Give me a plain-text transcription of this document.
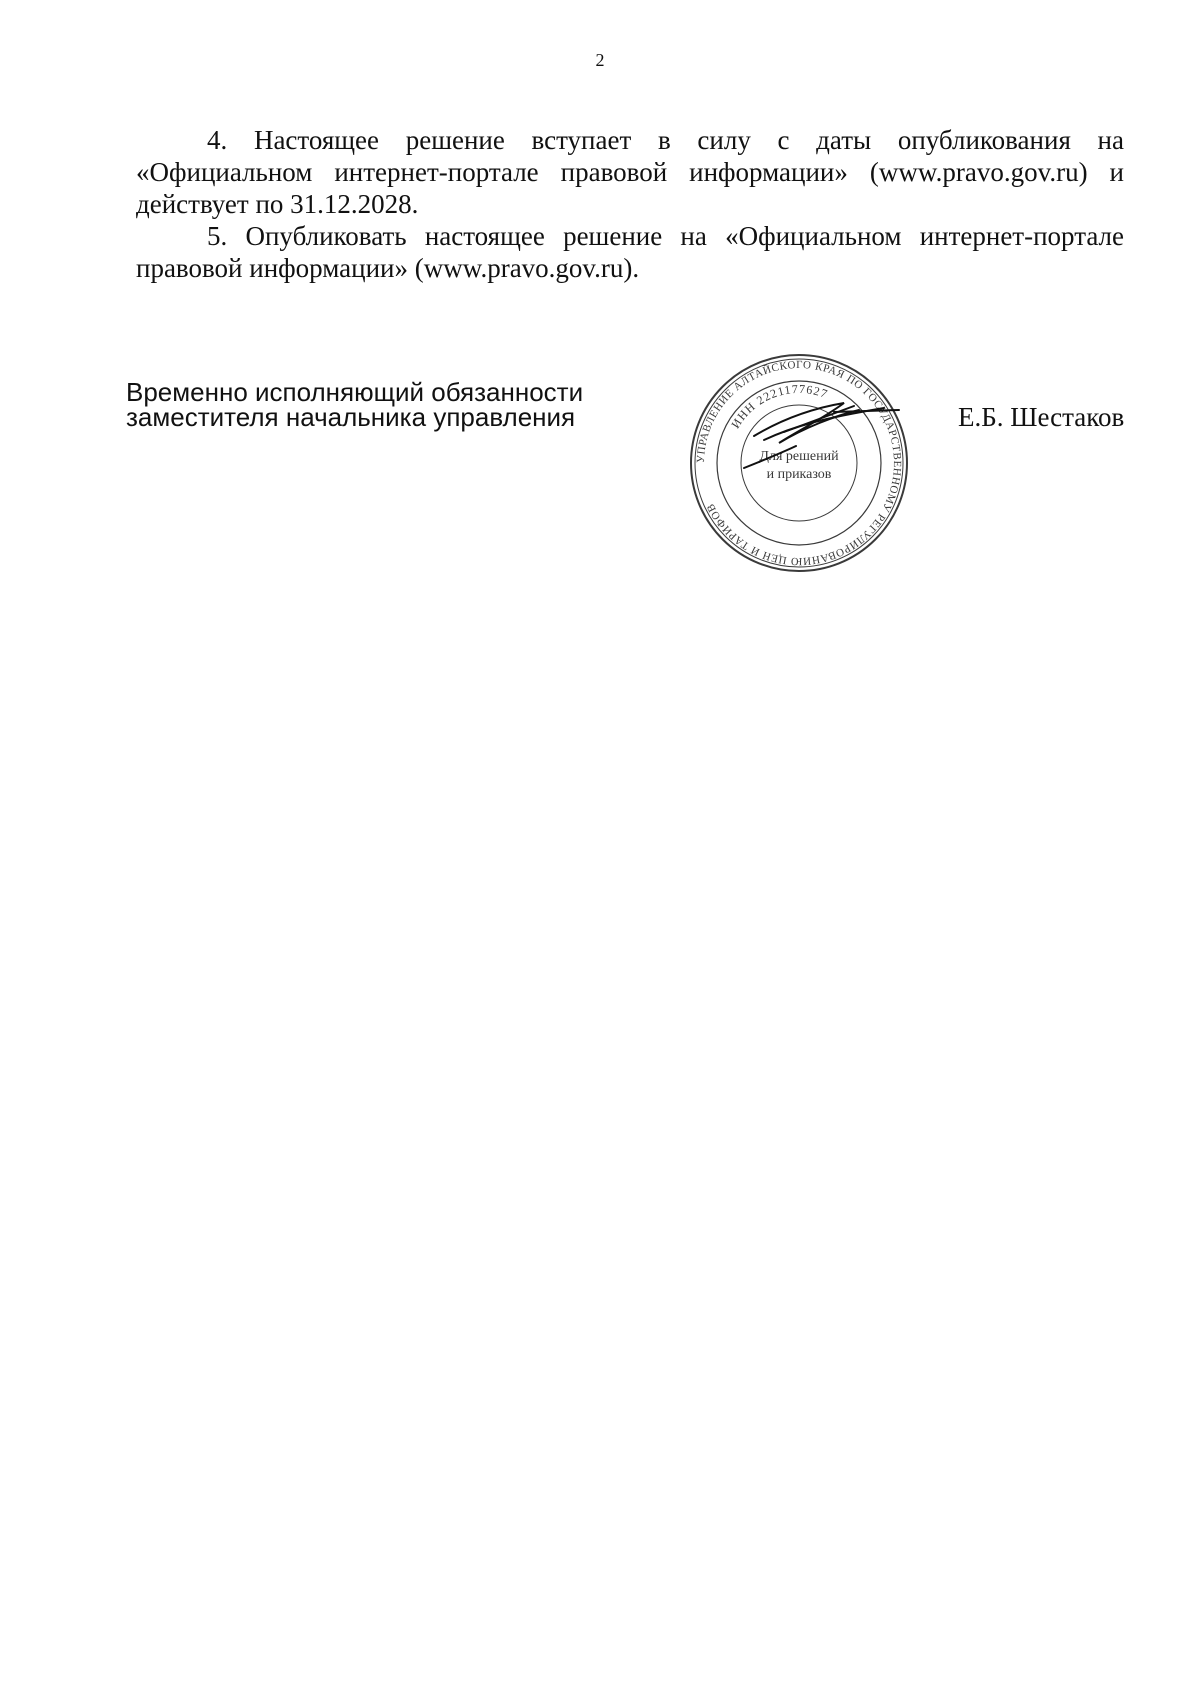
2

4. Настоящее решение вступает в силу с даты опубликования на «Официальном интернет-портале правовой информации» (www.pravo.gov.ru) и действует по 31.12.2028.

5. Опубликовать настоящее решение на «Официальном интернет-портале правовой информации» (www.pravo.gov.ru).

Временно исполняющий обязанности
заместителя начальника управления
УПРАВЛЕНИЕ АЛТАЙСКОГО КРАЯ ПО ГОСУДАРСТВЕННОМУ РЕГУЛИРОВАНИЮ ЦЕН И ТАРИФОВ
ИНН 2221177627
Для решений
и приказов
Е.Б. Шестаков
